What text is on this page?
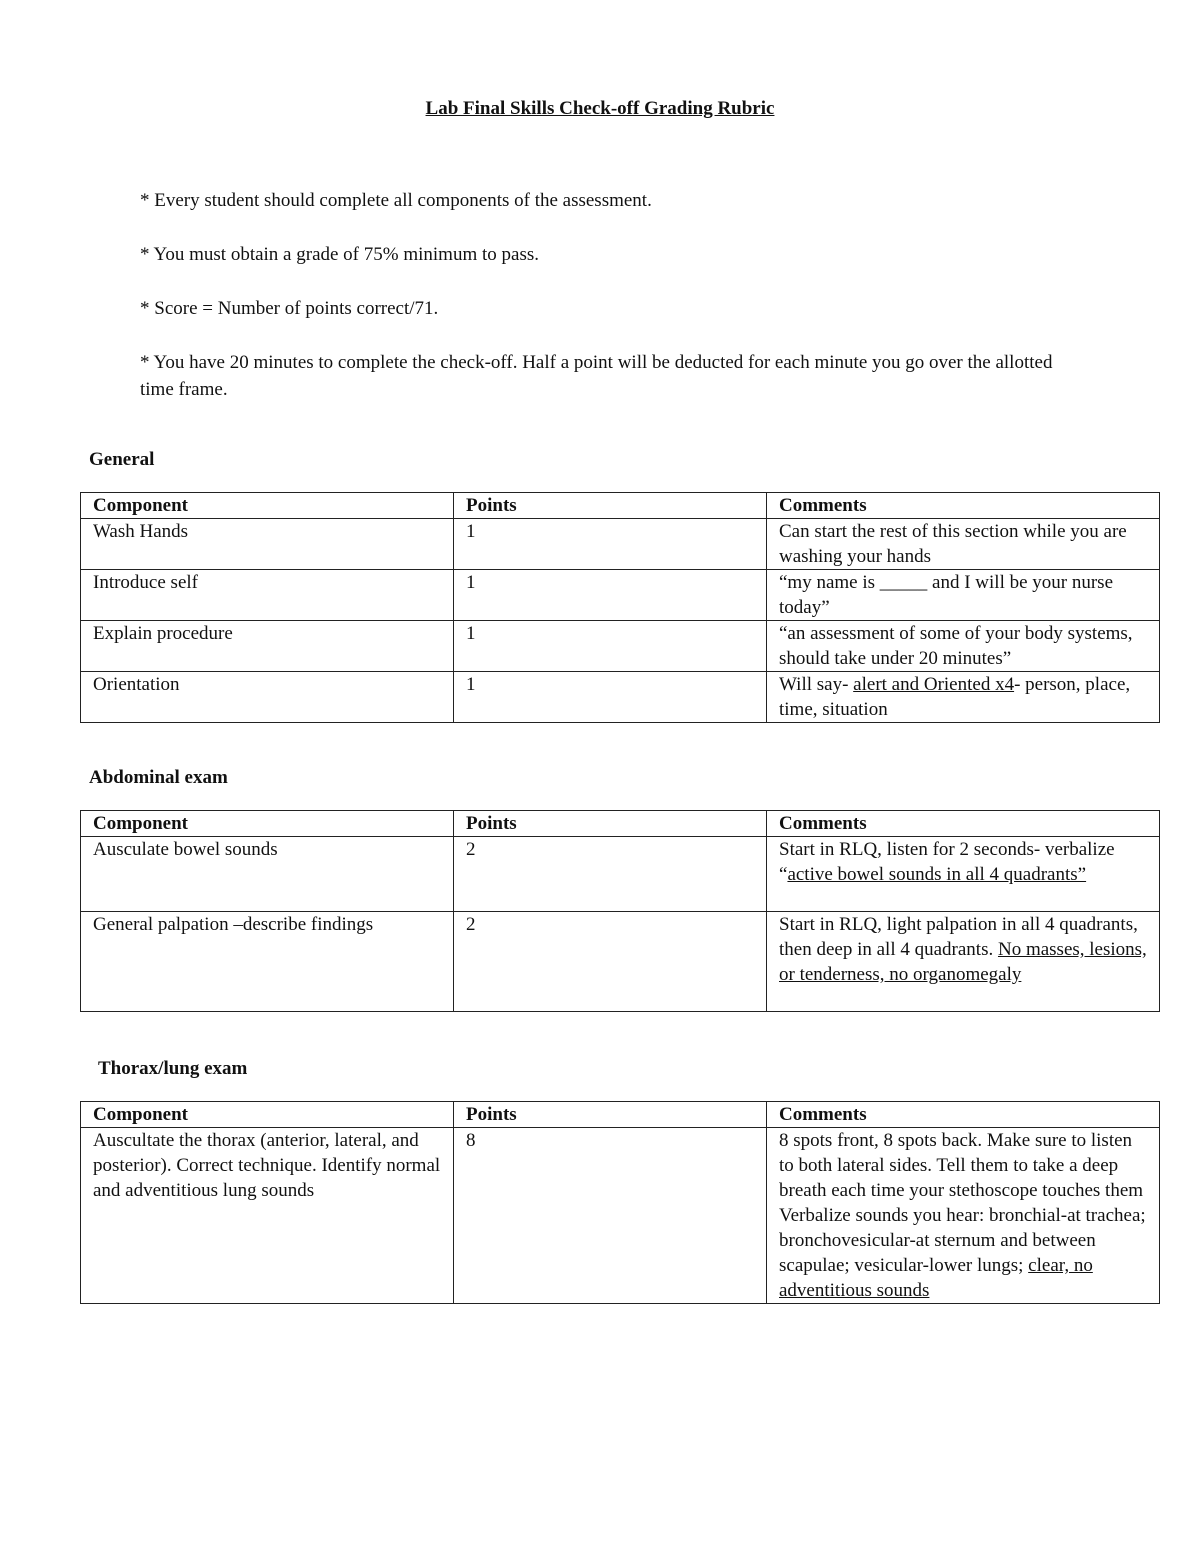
Lab Final Skills Check-off Grading Rubric

* Every student should complete all components of the assessment.

* You must obtain a grade of 75% minimum to pass.

* Score = Number of points correct/71.

* You have 20 minutes to complete the check-off. Half a point will be deducted for each minute you go over the allotted time frame.

General
Component	Points	Comments
Wash Hands	1	Can start the rest of this section while you are washing your hands
Introduce self	1	“my name is _____ and I will be your nurse today”
Explain procedure	1	“an assessment of some of your body systems, should take under 20 minutes”
Orientation	1	Will say- alert and Oriented x4- person, place, time, situation
Abdominal exam
Component	Points	Comments
Ausculate bowel sounds	2	Start in RLQ, listen for 2 seconds- verbalize “active bowel sounds in all 4 quadrants”
General palpation –describe findings	2	Start in RLQ, light palpation in all 4 quadrants, then deep in all 4 quadrants. No masses, lesions, or tenderness, no organomegaly
Thorax/lung exam
Component	Points	Comments
Auscultate the thorax (anterior, lateral, and posterior). Correct technique. Identify normal and adventitious lung sounds	8	8 spots front, 8 spots back. Make sure to listen to both lateral sides. Tell them to take a deep breath each time your stethoscope touches them
Verbalize sounds you hear: bronchial-at trachea;
bronchovesicular-at sternum and between scapulae; vesicular-lower lungs; clear, no adventitious sounds
